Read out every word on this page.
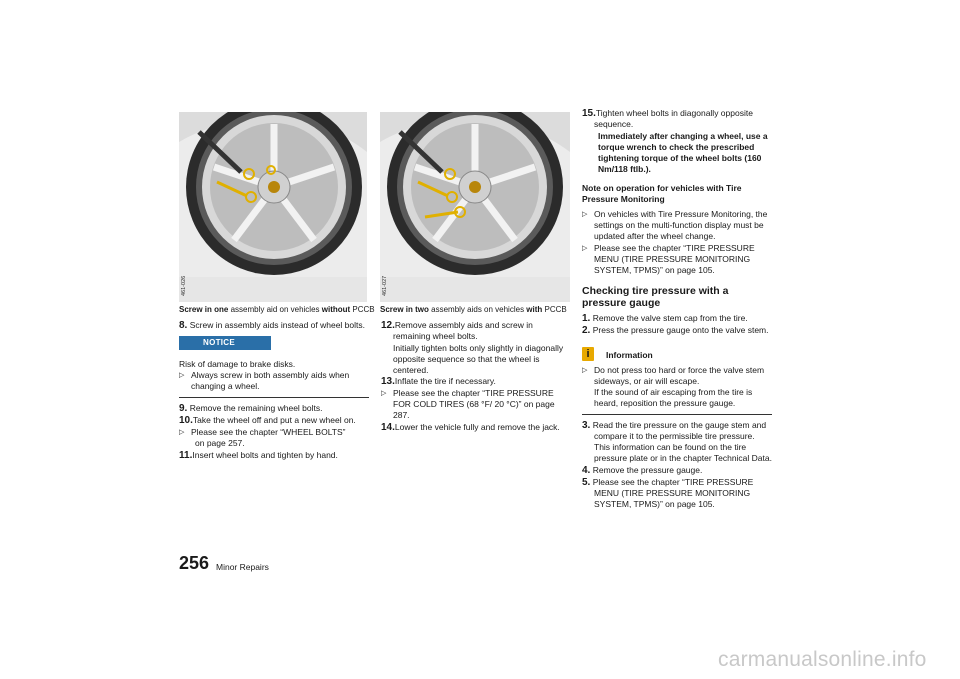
461-026
Screw in one assembly aid on vehicles without PCCB
461-027
Screw in two assembly aids on vehicles with PCCB
8. Screw in assembly aids instead of wheel bolts.
NOTICE
Risk of damage to brake disks.
▷ Always screw in both assembly aids when changing a wheel.
9. Remove the remaining wheel bolts.
10.Take the wheel off and put a new wheel on.
▷ Please see the chapter “WHEEL BOLTS”
on page 257.
11.Insert wheel bolts and tighten by hand.
12.Remove assembly aids and screw in remaining wheel bolts.
Initially tighten bolts only slightly in diagonally opposite sequence so that the wheel is centered.
13.Inflate the tire if necessary.
▷ Please see the chapter “TIRE PRESSURE FOR COLD TIRES (68 °F/ 20 °C)” on page 287.
14.Lower the vehicle fully and remove the jack.
15.Tighten wheel bolts in diagonally opposite sequence.
Immediately after changing a wheel, use a torque wrench to check the prescribed tightening torque of the wheel bolts (160 Nm/118 ftlb.).
Note on operation for vehicles with Tire Pressure Monitoring
▷ On vehicles with Tire Pressure Monitoring, the settings on the multi-function display must be updated after the wheel change.
▷ Please see the chapter “TIRE PRESSURE MENU (TIRE PRESSURE MONITORING SYSTEM, TPMS)” on page 105.
Checking tire pressure with a pressure gauge
1. Remove the valve stem cap from the tire.
2. Press the pressure gauge onto the valve stem.
i	Information
▷ Do not press too hard or force the valve stem sideways, or air will escape.
If the sound of air escaping from the tire is heard, reposition the pressure gauge.
3. Read the tire pressure on the gauge stem and compare it to the permissible tire pressure. This information can be found on the tire pressure plate or in the chapter Technical Data.
4. Remove the pressure gauge.
5. Please see the chapter “TIRE PRESSURE MENU (TIRE PRESSURE MONITORING SYSTEM, TPMS)” on page 105.
256 Minor Repairs
carmanualsonline.info
